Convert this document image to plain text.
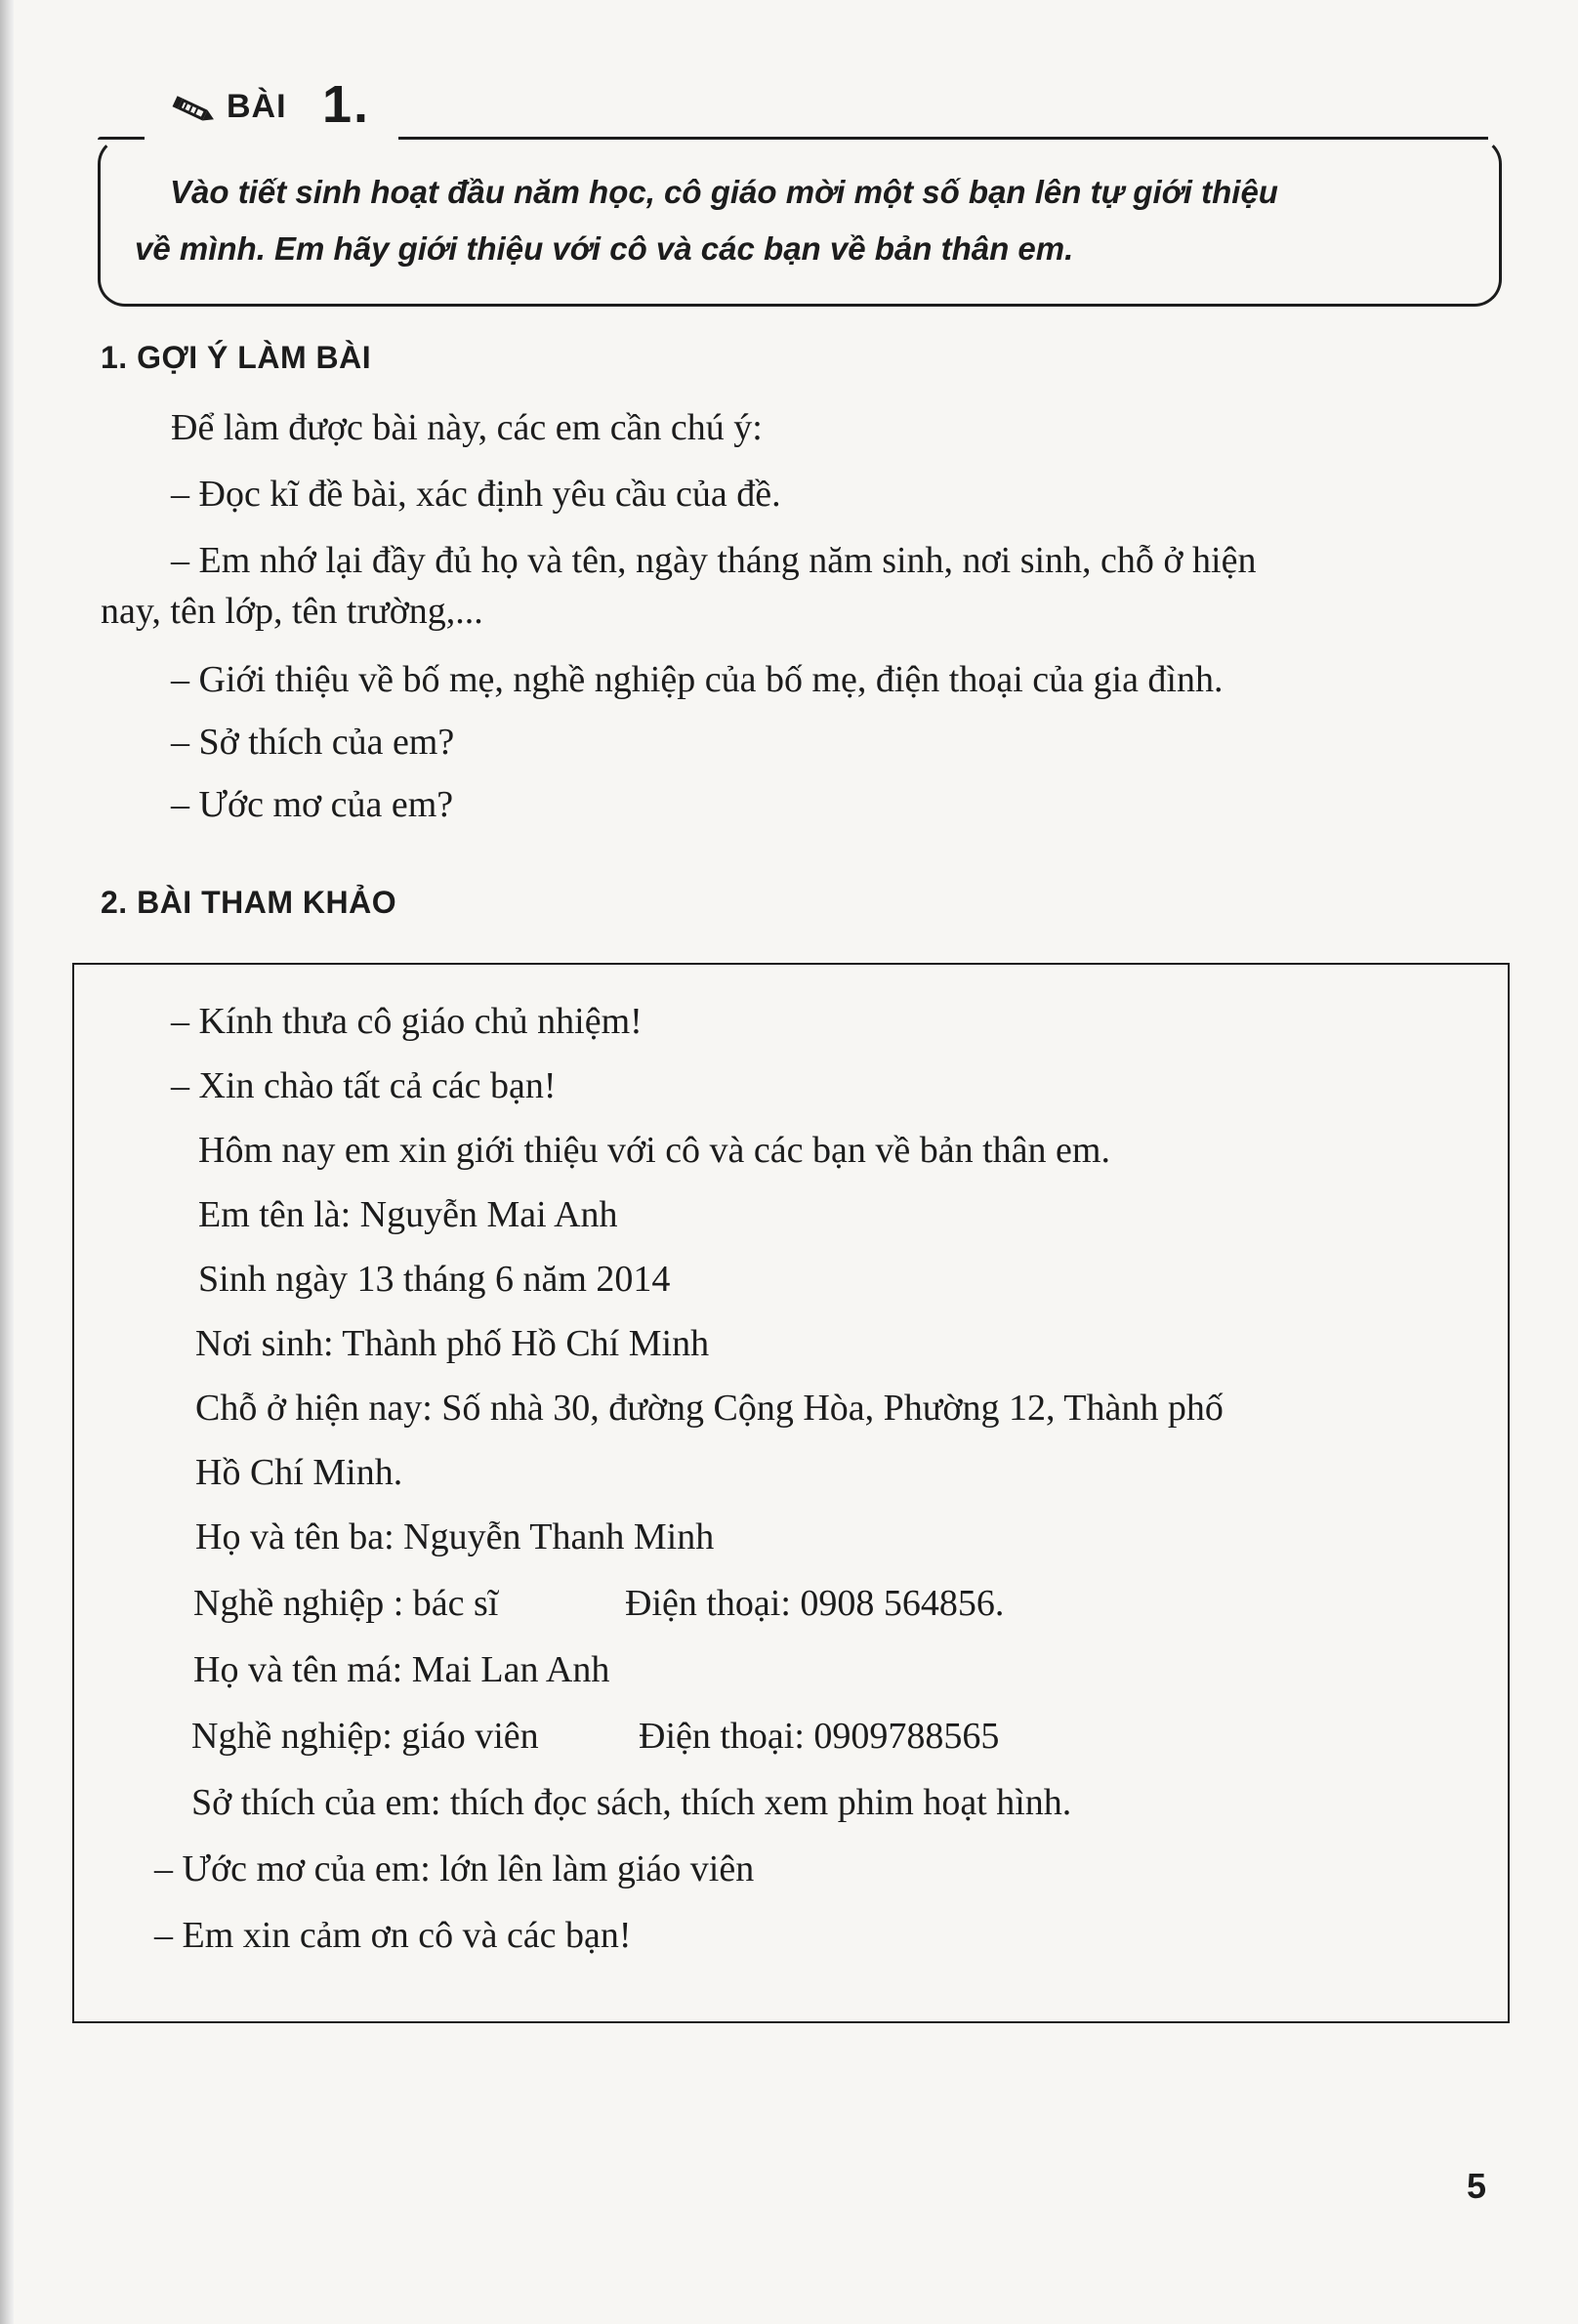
BÀI 1 .

Vào tiết sinh hoạt đầu năm học, cô giáo mời một số bạn lên tự giới thiệu

về mình. Em hãy giới thiệu với cô và các bạn về bản thân em.

1. GỢI Ý LÀM BÀI
Để làm được bài này, các em cần chú ý:
– Đọc kĩ đề bài, xác định yêu cầu của đề.
– Em nhớ lại đầy đủ họ và tên, ngày tháng năm sinh, nơi sinh, chỗ ở hiện
nay, tên lớp, tên trường,...
– Giới thiệu về bố mẹ, nghề nghiệp của bố mẹ, điện thoại của gia đình.
– Sở thích của em?
– Ước mơ của em?
2. BÀI THAM KHẢO
– Kính thưa cô giáo chủ nhiệm!
– Xin chào tất cả các bạn!
Hôm nay em xin giới thiệu với cô và các bạn về bản thân em.
Em tên là: Nguyễn Mai Anh
Sinh ngày 13 tháng 6 năm 2014
Nơi sinh: Thành phố Hồ Chí Minh
Chỗ ở hiện nay: Số nhà 30, đường Cộng Hòa, Phường 12, Thành phố
Hồ Chí Minh.
Họ và tên ba: Nguyễn Thanh Minh
Nghề nghiệp : bác sĩ	Điện thoại: 0908 564856.
Họ và tên má: Mai Lan Anh
Nghề nghiệp: giáo viên	Điện thoại: 0909788565
Sở thích của em: thích đọc sách, thích xem phim hoạt hình.
– Ước mơ của em: lớn lên làm giáo viên
– Em xin cảm ơn cô và các bạn!
5
